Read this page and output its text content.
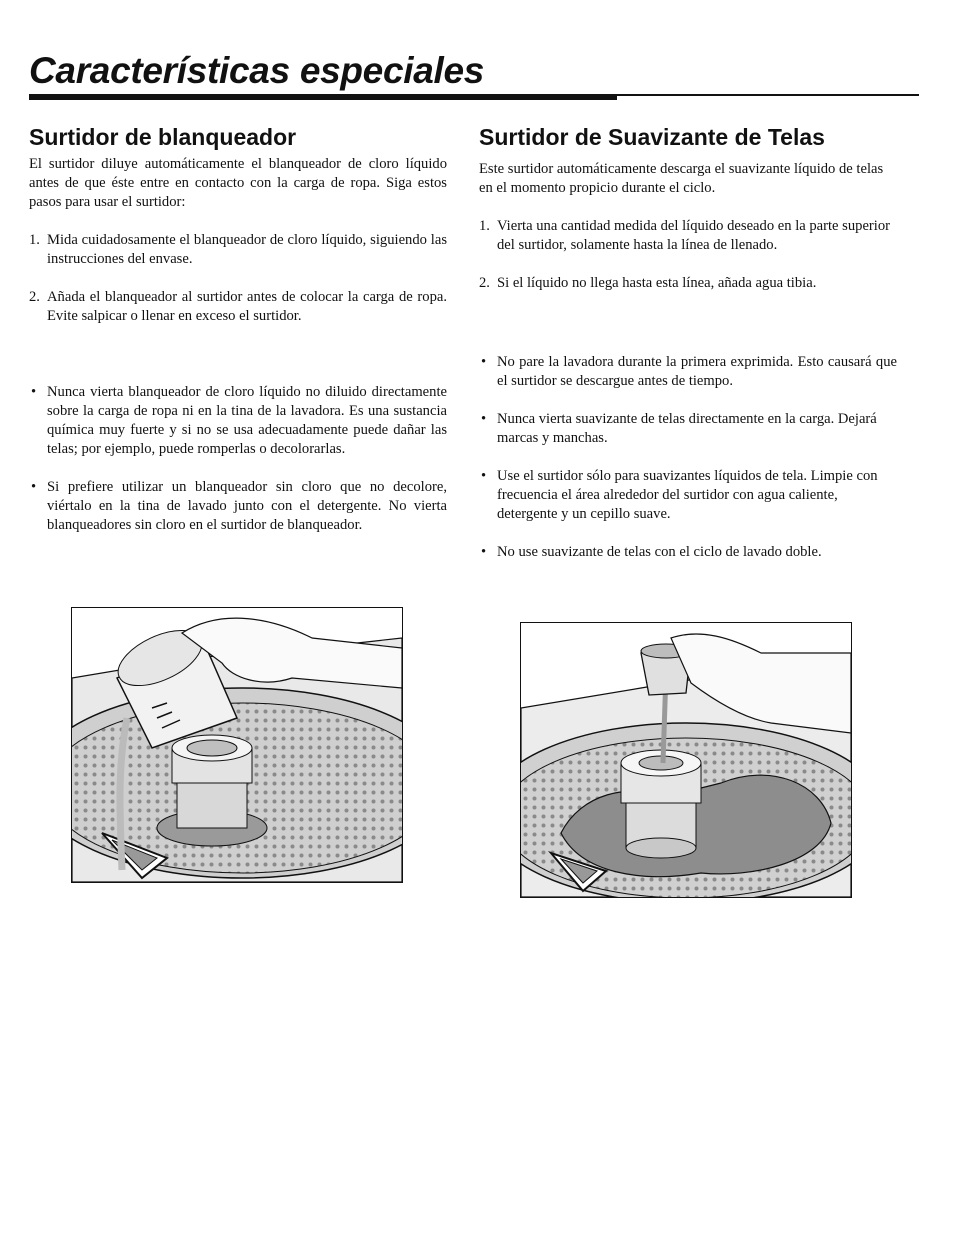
Características especiales
Surtidor de blanqueador

El surtidor diluye automáticamente el blanqueador de cloro líquido antes de que éste entre en contacto con la carga de ropa. Siga estos pasos para usar el surtidor:

1. Mida cuidadosamente el blanqueador de cloro líquido, siguiendo las instrucciones del envase.
2. Añada el blanqueador al surtidor antes de colocar la carga de ropa. Evite salpicar o llenar en exceso el surtidor.
• Nunca vierta blanqueador de cloro líquido no diluido directamente sobre la carga de ropa ni en la tina de la lavadora. Es una sustancia química muy fuerte y si no se usa adecuadamente puede dañar las telas; por ejemplo, puede romperlas o decolorarlas.
• Si prefiere utilizar un blanqueador sin cloro que no decolore, viértalo en la tina de lavado junto con el detergente. No vierta blanqueadores sin cloro en el surtidor de blanqueador.
Surtidor de Suavizante de Telas

Este surtidor automáticamente descarga el suavizante líquido de telas en el momento propicio durante el ciclo.

1. Vierta una cantidad medida del líquido deseado en la parte superior del surtidor, solamente hasta la línea de llenado.
2. Si el líquido no llega hasta esta línea, añada agua tibia.
• No pare la lavadora durante la primera exprimida. Esto causará que el surtidor se descargue antes de tiempo.
• Nunca vierta suavizante de telas directamente en la carga. Dejará marcas y manchas.
• Use el surtidor sólo para suavizantes líquidos de tela. Limpie con frecuencia el área alrededor del surtidor con agua caliente, detergente y un cepillo suave.
• No use suavizante de telas con el ciclo de lavado doble.
